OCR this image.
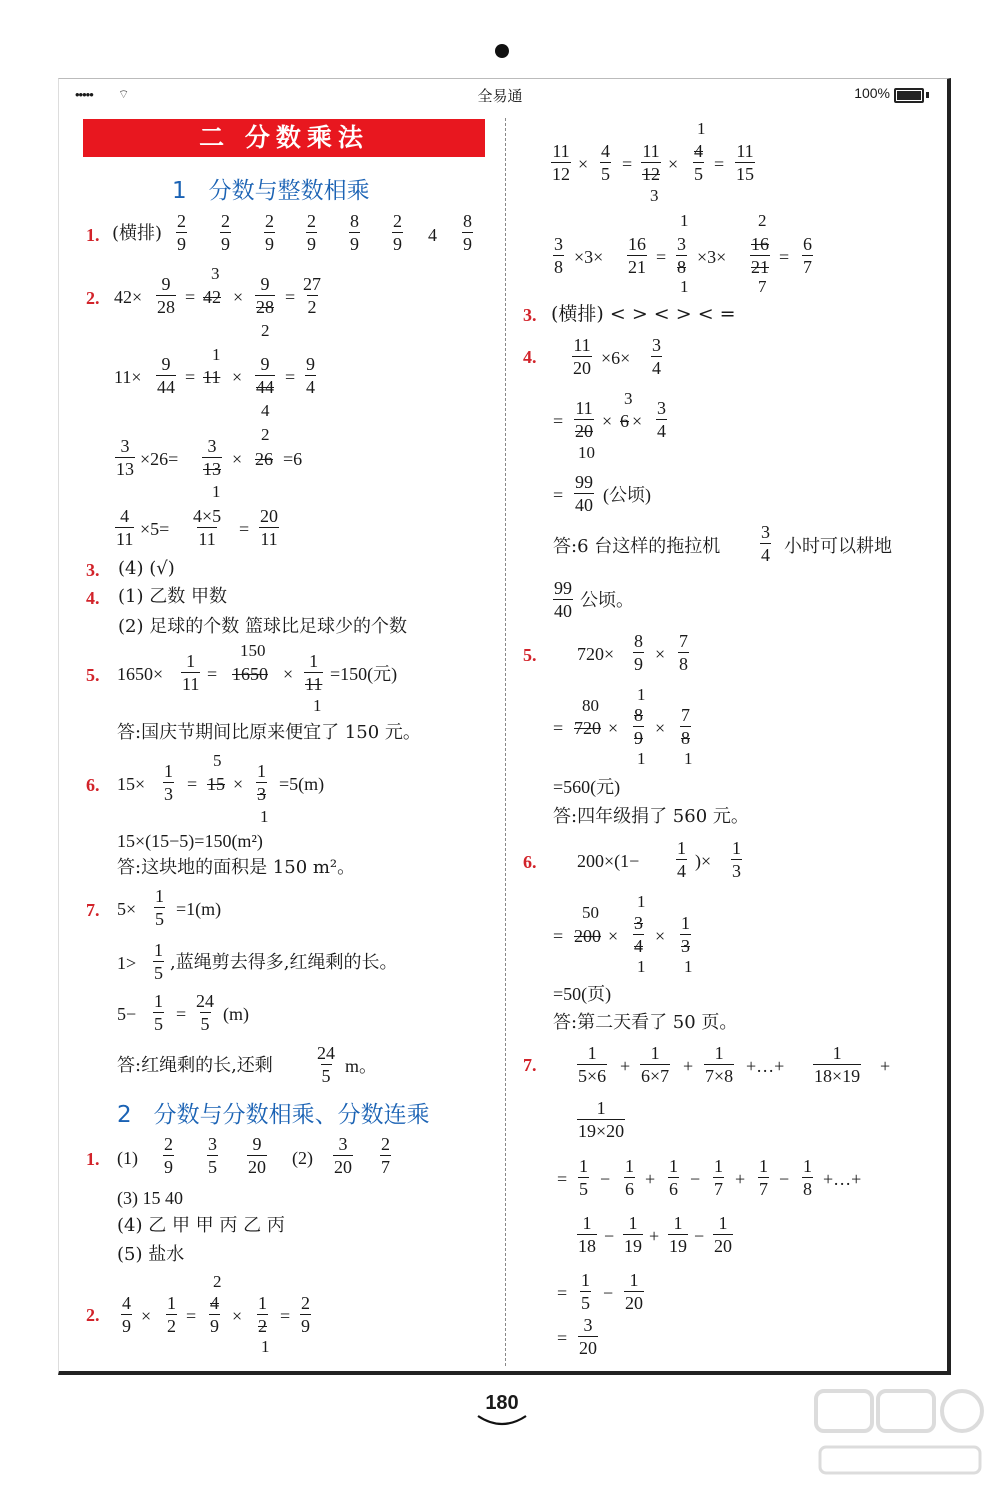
••••• ⌔	全易通	100%
二 分数乘法
1 分数与整数相乘
1. (横排) $\frac{2}{9} \frac{2}{9} \frac{2}{9} \frac{2}{9} \frac{8}{9} \frac{2}{9} 4 \frac{8}{9}$
2. $42\times \frac{9}{28}$ =
3
$42 \times \frac{9}{28}$
2
= $\frac{27}{2}$
$11\times \frac{9}{44}$ =
1
$11 \times \frac{9}{44}$
4
= $\frac{9}{4}$
$\frac{3}{13} \times 26= \frac{3}{13}$
1
×
2
26 =6
$\frac{4}{11} \times 5= \frac{4\times 5}{11} = \frac{20}{11}$
3. (4) (√)
4. (1) 乙数 甲数
(2) 足球的个数 篮球比足球少的个数
5. $1650\times \frac{1}{11}$ =
150
$1650 \times \frac{1}{11}$
1
=150(元)
答:国庆节期间比原来便宜了 150 元。
6. $15\times \frac{1}{3}$ =
5
$15 \times \frac{1}{3}$
1
=5(m)
15×(15−5)=150(m²)
答:这块地的面积是 150 m²。
7. $5\times \frac{1}{5} =1(m)$
$1> \frac{1}{5}$ ,蓝绳剪去得多,红绳剩的长。
$5- \frac{1}{5} = \frac{24}{5} (m)$
答:红绳剩的长,还剩 $\frac{24}{5}$ m。
2 分数与分数相乘、分数连乘
1. $(1) \frac{2}{9} \frac{3}{5} \frac{9}{20} (2) \frac{3}{20} \frac{2}{7}$
(3) 15 40
(4) 乙 甲 甲 丙 乙 丙
(5) 盐水
2. $\frac{4}{9} \times \frac{1}{2}$ =
2
$\frac{4}{9} \times \frac{1}{2}$
1
= $\frac{2}{9}$
$\frac{11}{12} \times \frac{4}{5} = \frac{11}{12}$
3
×
1
$\frac{4}{5} = \frac{11}{15}$
$\frac{3}{8} \times 3\times \frac{16}{21}$ =
1
$\frac{3}{8}$
1
×3×
2
$\frac{16}{21}$
7
= $\frac{6}{7}$
3. (横排) < > < > < =
4. $\frac{11}{20} \times 6\times \frac{3}{4}$
= $\frac{11}{20}$
10
×
3
$6 \times \frac{3}{4}$
= $\frac{99}{40}$ (公顷)
答:6 台这样的拖拉机 $\frac{3}{4}$ 小时可以耕地
$\frac{99}{40}$ 公顷。
5. $720\times \frac{8}{9} \times \frac{7}{8}$
=
80
720 ×
1
$\frac{8}{9}$
1
× $\frac{7}{8}$
1
=560(元)
答:四年级捐了 560 元。
6. $200\times(1- \frac{1}{4}$ )× $\frac{1}{3}$
=
50
200 ×
1
$\frac{3}{4}$
1
× $\frac{1}{3}$
1
=50(页)
答:第二天看了 50 页。
7. $\frac{1}{5\times 6} + \frac{1}{6\times 7} + \frac{1}{7\times 8}$ +…+ $\frac{1}{18\times 19}$ +
$\frac{1}{19\times 20}$
= $\frac{1}{5} - \frac{1}{6} + \frac{1}{6} - \frac{1}{7} + \frac{1}{7} - \frac{1}{8}$ +…+
$\frac{1}{18} - \frac{1}{19} + \frac{1}{19} - \frac{1}{20}$
= $\frac{1}{5} - \frac{1}{20}$
= $\frac{3}{20}$
180
